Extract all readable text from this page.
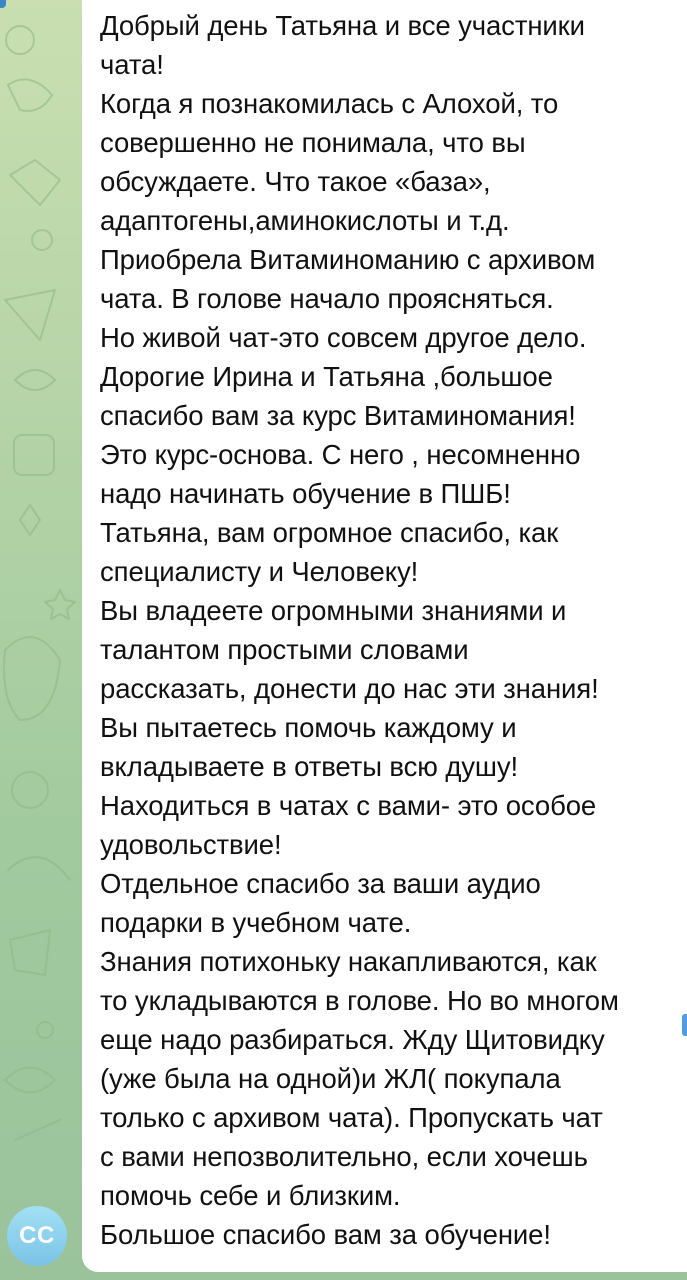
Добрый день Татьяна и все участники
чата!
Когда я познакомилась с Алохой, то
совершенно не понимала, что вы
обсуждаете. Что такое «база»,
адаптогены,аминокислоты и т.д.
Приобрела Витаминоманию с архивом
чата. В голове начало проясняться.
Но живой чат-это совсем другое дело.
Дорогие Ирина и Татьяна ,большое
спасибо вам за курс Витаминомания!
Это курс-основа. С него , несомненно
надо начинать обучение в ПШБ!
Татьяна, вам огромное спасибо, как
специалисту и Человеку!
Вы владеете огромными знаниями и
талантом простыми словами
рассказать, донести до нас эти знания!
Вы пытаетесь помочь каждому и
вкладываете в ответы всю душу!
Находиться в чатах с вами- это особое
удовольствие!
Отдельное спасибо за ваши аудио
подарки в учебном чате.
Знания потихоньку накапливаются, как
то укладываются в голове. Но во многом
еще надо разбираться. Жду Щитовидку
(уже была на одной)и ЖЛ( покупала
только с архивом чата). Пропускать чат
с вами непозволительно, если хочешь
помочь себе и близким.
Большое спасибо вам за обучение!

CC
